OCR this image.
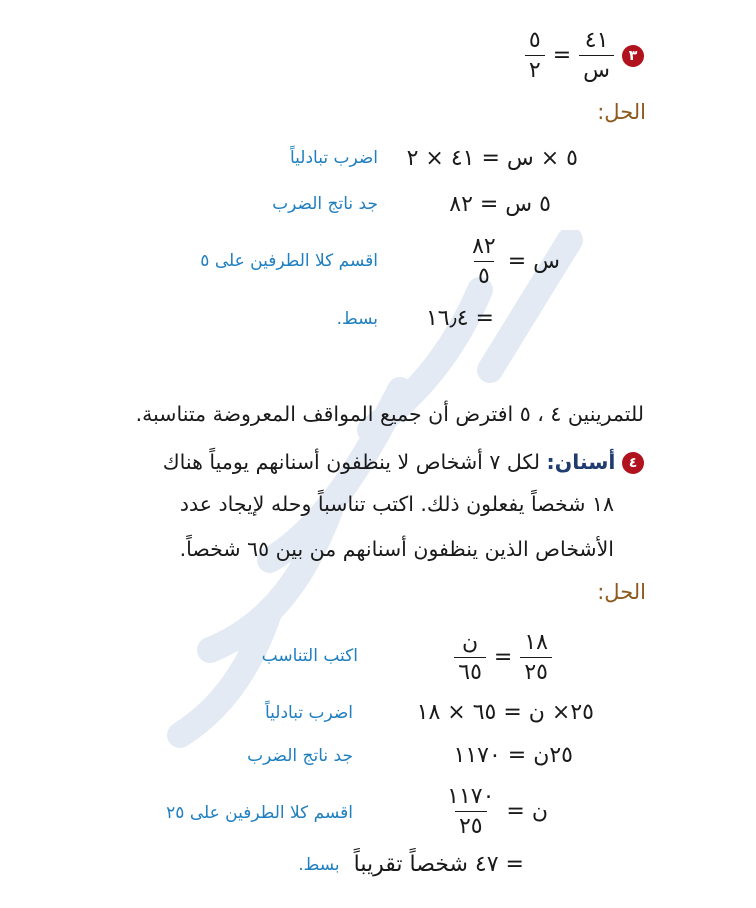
٣
$\frac{٤١}{\text{س}}$
=
$\frac{٥}{٢}$
الحل:
٥ × س = ٤١ × ٢
اضرب تبادلياً
٥ س = ٨٢
جد ناتج الضرب
س =
$\frac{٨٢}{٥}$
اقسم كلا الطرفين على ٥
= ١٦٫٤
بسط.
للتمرينين ٤ ، ٥ افترض أن جميع المواقف المعروضة متناسبة.
٤ أسنان: لكل ٧ أشخاص لا ينظفون أسنانهم يومياً هناك
١٨ شخصاً يفعلون ذلك. اكتب تناسباً وحله لإيجاد عدد
الأشخاص الذين ينظفون أسنانهم من بين ٦٥ شخصاً.
الحل:
$\frac{١٨}{٢٥}$
=
$\frac{\text{ن}}{٦٥}$
اكتب التناسب
٢٥× ن = ٦٥ × ١٨
اضرب تبادلياً
٢٥ن = ١١٧٠
جد ناتج الضرب
ن =
$\frac{١١٧٠}{٢٥}$
اقسم كلا الطرفين على ٢٥
= ٤٧ شخصاً تقريباً
بسط.
